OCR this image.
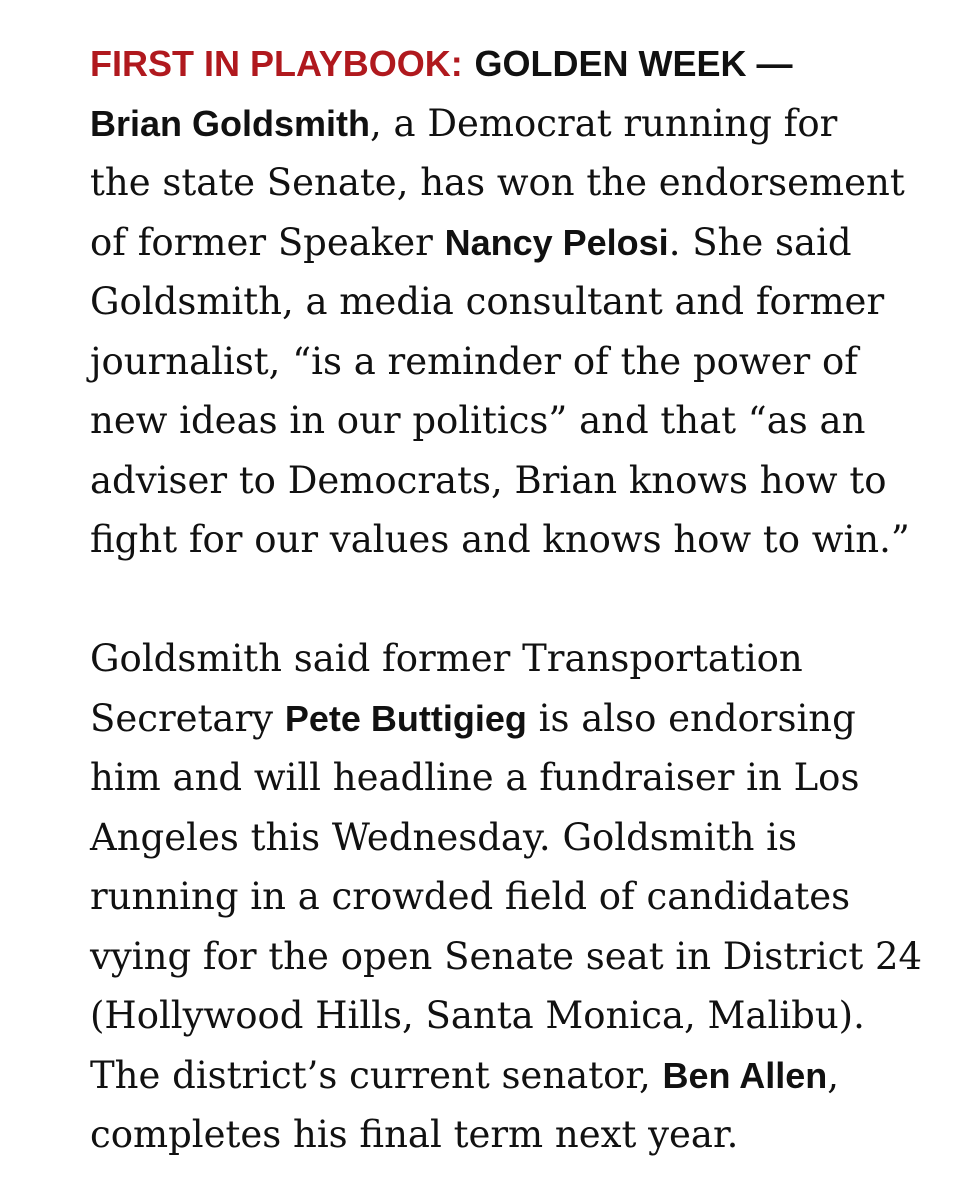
FIRST IN PLAYBOOK: GOLDEN WEEK —
Brian Goldsmith, a Democrat running for
the state Senate, has won the endorsement
of former Speaker Nancy Pelosi. She said
Goldsmith, a media consultant and former
journalist, “is a reminder of the power of
new ideas in our politics” and that “as an
adviser to Democrats, Brian knows how to
fight for our values and knows how to win.”

Goldsmith said former Transportation
Secretary Pete Buttigieg is also endorsing
him and will headline a fundraiser in Los
Angeles this Wednesday. Goldsmith is
running in a crowded field of candidates
vying for the open Senate seat in District 24
(Hollywood Hills, Santa Monica, Malibu).
The district’s current senator, Ben Allen,
completes his final term next year.
